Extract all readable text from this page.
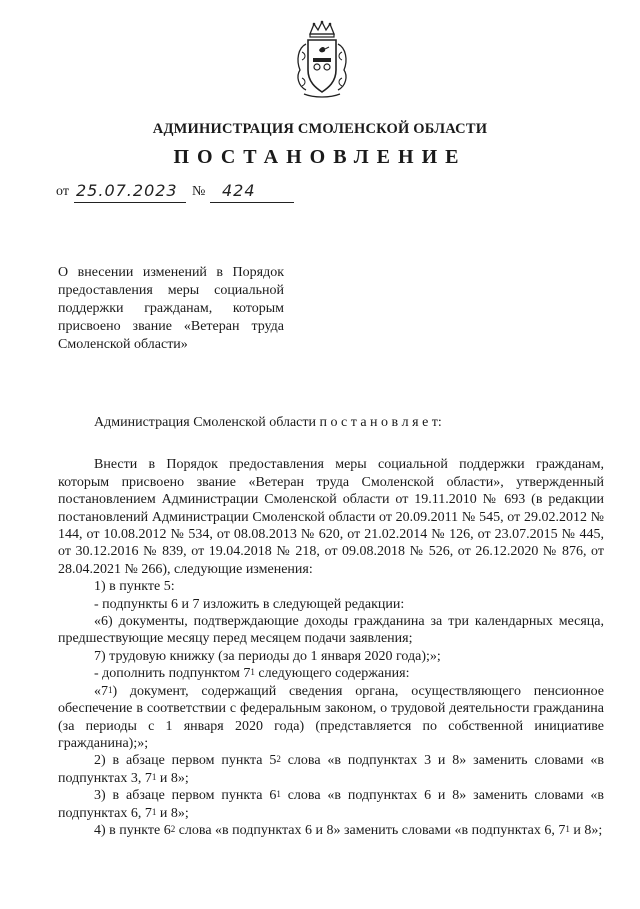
АДМИНИСТРАЦИЯ СМОЛЕНСКОЙ ОБЛАСТИ
ПОСТАНОВЛЕНИЕ
от 25.07.2023 № 424
О внесении изменений в Порядок предоставления меры социальной поддержки гражданам, которым присвоено звание «Ветеран труда Смоленской области»

Администрация Смоленской области п о с т а н о в л я е т:

Внести в Порядок предоставления меры социальной поддержки гражданам, которым присвоено звание «Ветеран труда Смоленской области», утвержденный постановлением Администрации Смоленской области от 19.11.2010 № 693 (в редакции постановлений Администрации Смоленской области от 20.09.2011 № 545, от 29.02.2012 № 144, от 10.08.2012 № 534, от 08.08.2013 № 620, от 21.02.2014 № 126, от 23.07.2015 № 445, от 30.12.2016 № 839, от 19.04.2018 № 218, от 09.08.2018 № 526, от 26.12.2020 № 876, от 28.04.2021 № 266), следующие изменения:

1) в пункте 5:

- подпункты 6 и 7 изложить в следующей редакции:

«6) документы, подтверждающие доходы гражданина за три календарных месяца, предшествующие месяцу перед месяцем подачи заявления;

7) трудовую книжку (за периоды до 1 января 2020 года);»;

- дополнить подпунктом $7^1$ следующего содержания:

«$7^1$) документ, содержащий сведения органа, осуществляющего пенсионное обеспечение в соответствии с федеральным законом, о трудовой деятельности гражданина (за периоды с 1 января 2020 года) (представляется по собственной инициативе гражданина);»;

2) в абзаце первом пункта $5^2$ слова «в подпунктах 3 и 8» заменить словами «в подпунктах 3, $7^1$ и 8»;

3) в абзаце первом пункта $6^1$ слова «в подпунктах 6 и 8» заменить словами «в подпунктах 6, $7^1$ и 8»;

4) в пункте $6^2$ слова «в подпунктах 6 и 8» заменить словами «в подпунктах 6, $7^1$ и 8»;
